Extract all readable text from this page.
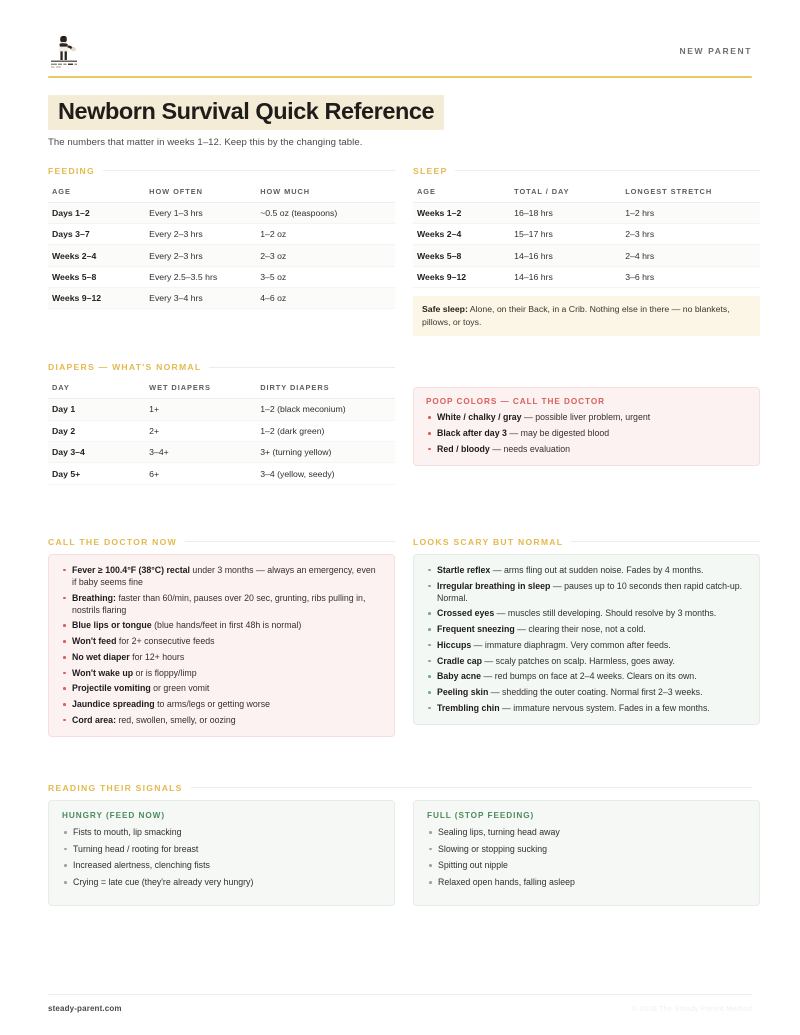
NEW PARENT
Newborn Survival Quick Reference
The numbers that matter in weeks 1–12. Keep this by the changing table.
FEEDING
AGE	HOW OFTEN	HOW MUCH
Days 1–2	Every 1–3 hrs	~0.5 oz (teaspoons)
Days 3–7	Every 2–3 hrs	1–2 oz
Weeks 2–4	Every 2–3 hrs	2–3 oz
Weeks 5–8	Every 2.5–3.5 hrs	3–5 oz
Weeks 9–12	Every 3–4 hrs	4–6 oz
SLEEP
AGE	TOTAL / DAY	LONGEST STRETCH
Weeks 1–2	16–18 hrs	1–2 hrs
Weeks 2–4	15–17 hrs	2–3 hrs
Weeks 5–8	14–16 hrs	2–4 hrs
Weeks 9–12	14–16 hrs	3–6 hrs
Safe sleep: Alone, on their Back, in a Crib. Nothing else in there — no blankets, pillows, or toys.
DIAPERS — WHAT'S NORMAL
DAY	WET DIAPERS	DIRTY DIAPERS
Day 1	1+	1–2 (black meconium)
Day 2	2+	1–2 (dark green)
Day 3–4	3–4+	3+ (turning yellow)
Day 5+	6+	3–4 (yellow, seedy)
POOP COLORS — CALL THE DOCTOR
White / chalky / gray — possible liver problem, urgent
Black after day 3 — may be digested blood
Red / bloody — needs evaluation
CALL THE DOCTOR NOW
Fever ≥ 100.4°F (38°C) rectal under 3 months — always an emergency, even if baby seems fine
Breathing: faster than 60/min, pauses over 20 sec, grunting, ribs pulling in, nostrils flaring
Blue lips or tongue (blue hands/feet in first 48h is normal)
Won't feed for 2+ consecutive feeds
No wet diaper for 12+ hours
Won't wake up or is floppy/limp
Projectile vomiting or green vomit
Jaundice spreading to arms/legs or getting worse
Cord area: red, swollen, smelly, or oozing
LOOKS SCARY BUT NORMAL
Startle reflex — arms fling out at sudden noise. Fades by 4 months.
Irregular breathing in sleep — pauses up to 10 seconds then rapid catch-up. Normal.
Crossed eyes — muscles still developing. Should resolve by 3 months.
Frequent sneezing — clearing their nose, not a cold.
Hiccups — immature diaphragm. Very common after feeds.
Cradle cap — scaly patches on scalp. Harmless, goes away.
Baby acne — red bumps on face at 2–4 weeks. Clears on its own.
Peeling skin — shedding the outer coating. Normal first 2–3 weeks.
Trembling chin — immature nervous system. Fades in a few months.
READING THEIR SIGNALS
HUNGRY (FEED NOW)
Fists to mouth, lip smacking
Turning head / rooting for breast
Increased alertness, clenching fists
Crying = late cue (they're already very hungry)
FULL (STOP FEEDING)
Sealing lips, turning head away
Slowing or stopping sucking
Spitting out nipple
Relaxed open hands, falling asleep
steady-parent.com	© 2026 The Steady Parent Method
